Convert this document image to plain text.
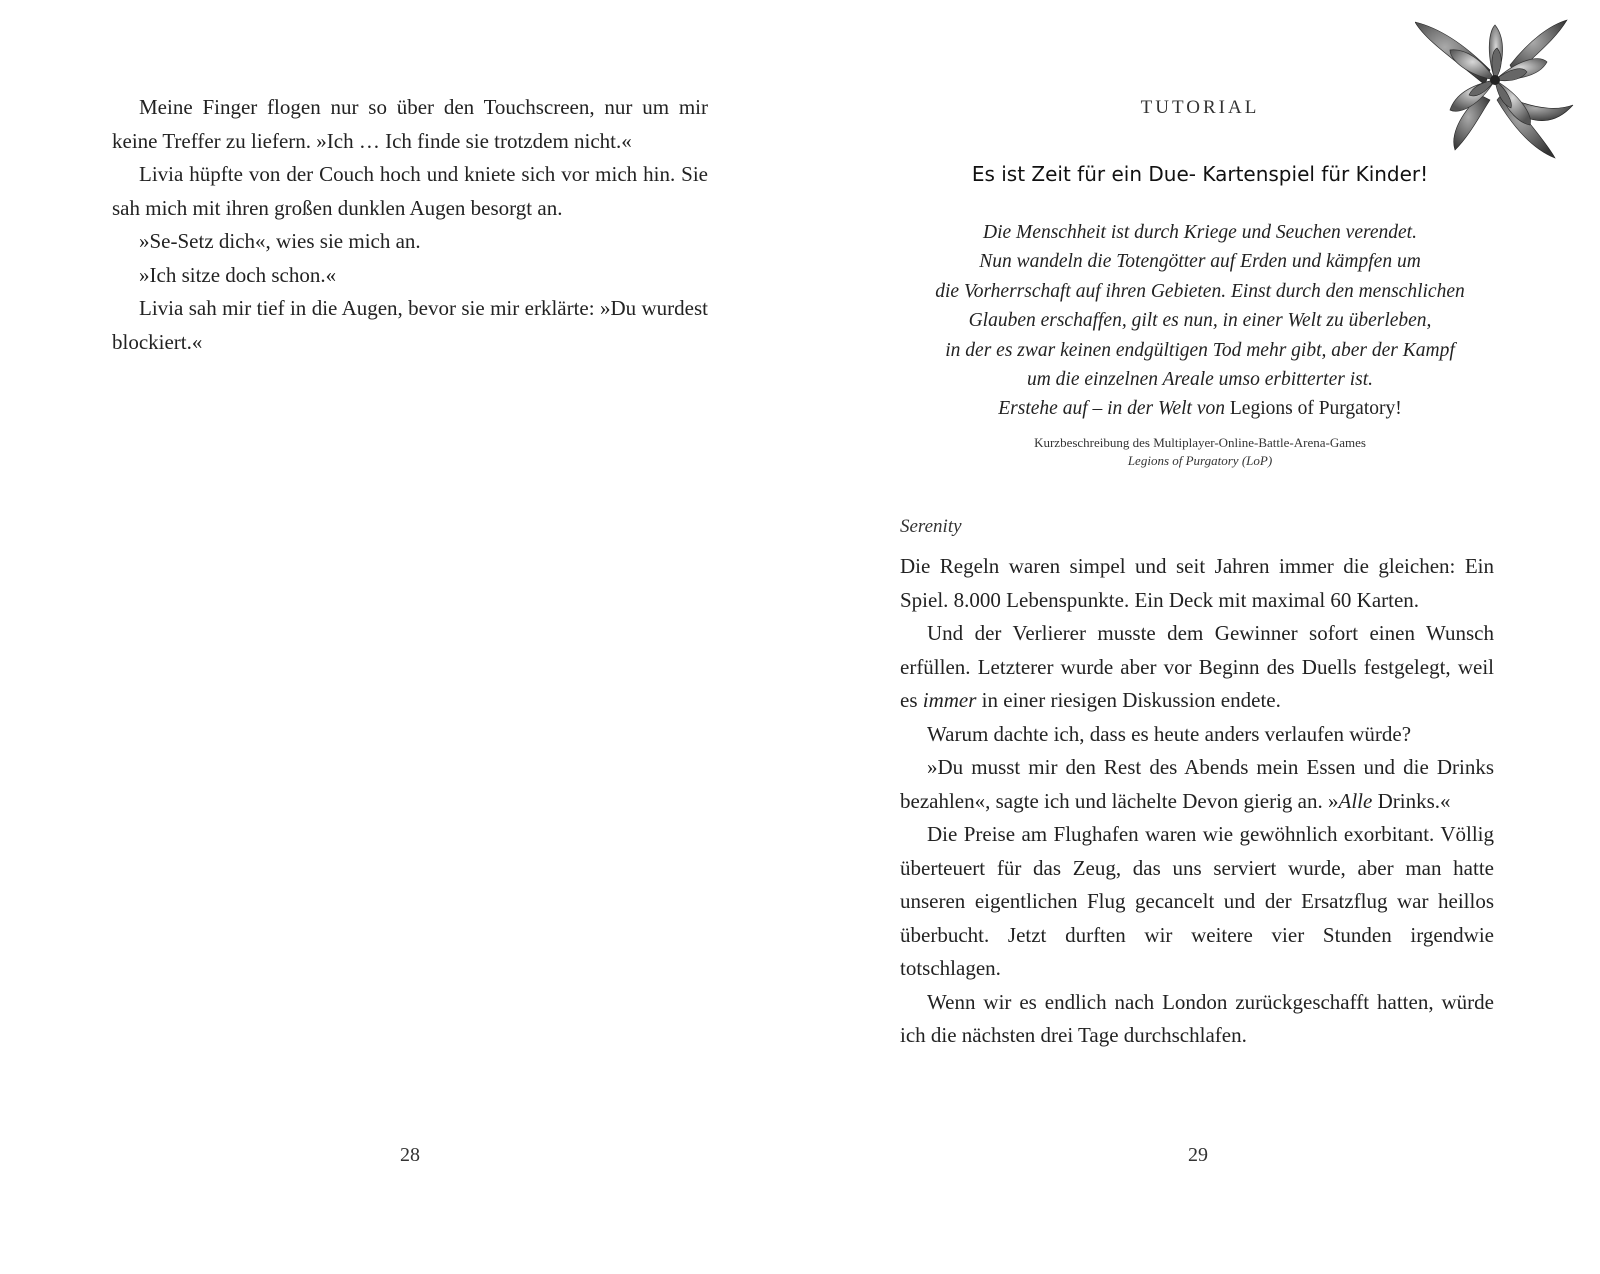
Meine Finger flogen nur so über den Touchscreen, nur um mir keine Treffer zu liefern. »Ich … Ich finde sie trotzdem nicht.«

Livia hüpfte von der Couch hoch und kniete sich vor mich hin. Sie sah mich mit ihren großen dunklen Augen besorgt an.

»Se-Setz dich«, wies sie mich an.

»Ich sitze doch schon.«

Livia sah mir tief in die Augen, bevor sie mir erklärte: »Du wurdest blockiert.«

28
TUTORIAL
Es ist Zeit für ein Due- Kartenspiel für Kinder!
Die Menschheit ist durch Kriege und Seuchen verendet.
Nun wandeln die Totengötter auf Erden und kämpfen um
die Vorherrschaft auf ihren Gebieten. Einst durch den menschlichen
Glauben erschaffen, gilt es nun, in einer Welt zu überleben,
in der es zwar keinen endgültigen Tod mehr gibt, aber der Kampf
um die einzelnen Areale umso erbitterter ist.
Erstehe auf – in der Welt von Legions of Purgatory!
Kurzbeschreibung des Multiplayer-Online-Battle-Arena-Games
Legions of Purgatory (LoP)
Serenity

Die Regeln waren simpel und seit Jahren immer die gleichen: Ein Spiel. 8.000 Lebenspunkte. Ein Deck mit maximal 60 Karten.

Und der Verlierer musste dem Gewinner sofort einen Wunsch erfüllen. Letzterer wurde aber vor Beginn des Duells festgelegt, weil es immer in einer riesigen Diskussion endete.

Warum dachte ich, dass es heute anders verlaufen würde?

»Du musst mir den Rest des Abends mein Essen und die Drinks bezahlen«, sagte ich und lächelte Devon gierig an. »Alle Drinks.«

Die Preise am Flughafen waren wie gewöhnlich exorbitant. Völlig überteuert für das Zeug, das uns serviert wurde, aber man hatte unseren eigentlichen Flug gecancelt und der Ersatzflug war heillos überbucht. Jetzt durften wir weitere vier Stunden irgendwie totschlagen.

Wenn wir es endlich nach London zurückgeschafft hatten, würde ich die nächsten drei Tage durchschlafen.

29
